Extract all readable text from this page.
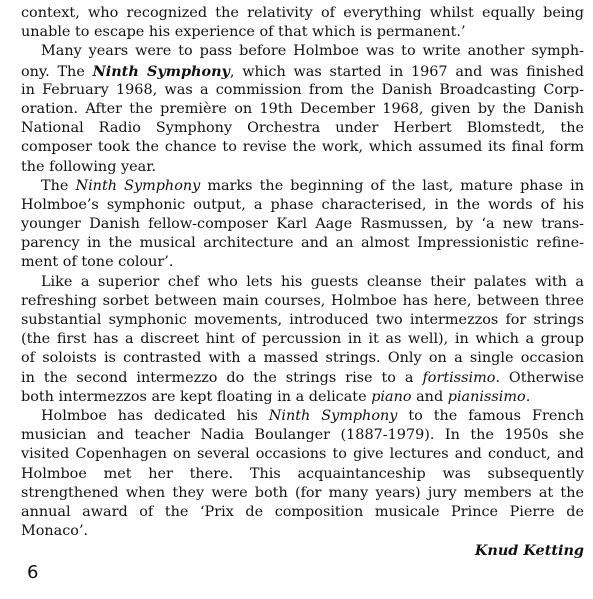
context, who recognized the relativity of everything whilst equally being
unable to escape his experience of that which is permanent.’
Many years were to pass before Holmboe was to write another symph-
ony. The Ninth Symphony, which was started in 1967 and was finished
in February 1968, was a commission from the Danish Broadcasting Corp-
oration. After the première on 19th December 1968, given by the Danish
National Radio Symphony Orchestra under Herbert Blomstedt, the
composer took the chance to revise the work, which assumed its final form
the following year.
The Ninth Symphony marks the beginning of the last, mature phase in
Holmboe’s symphonic output, a phase characterised, in the words of his
younger Danish fellow-composer Karl Aage Rasmussen, by ‘a new trans-
parency in the musical architecture and an almost Impressionistic refine-
ment of tone colour’.
Like a superior chef who lets his guests cleanse their palates with a
refreshing sorbet between main courses, Holmboe has here, between three
substantial symphonic movements, introduced two intermezzos for strings
(the first has a discreet hint of percussion in it as well), in which a group
of soloists is contrasted with a massed strings. Only on a single occasion
in the second intermezzo do the strings rise to a fortissimo. Otherwise
both intermezzos are kept floating in a delicate piano and pianissimo.
Holmboe has dedicated his Ninth Symphony to the famous French
musician and teacher Nadia Boulanger (1887-1979). In the 1950s she
visited Copenhagen on several occasions to give lectures and conduct, and
Holmboe met her there. This acquaintanceship was subsequently
strengthened when they were both (for many years) jury members at the
annual award of the ‘Prix de composition musicale Prince Pierre de
Monaco’.
Knud Ketting
6
